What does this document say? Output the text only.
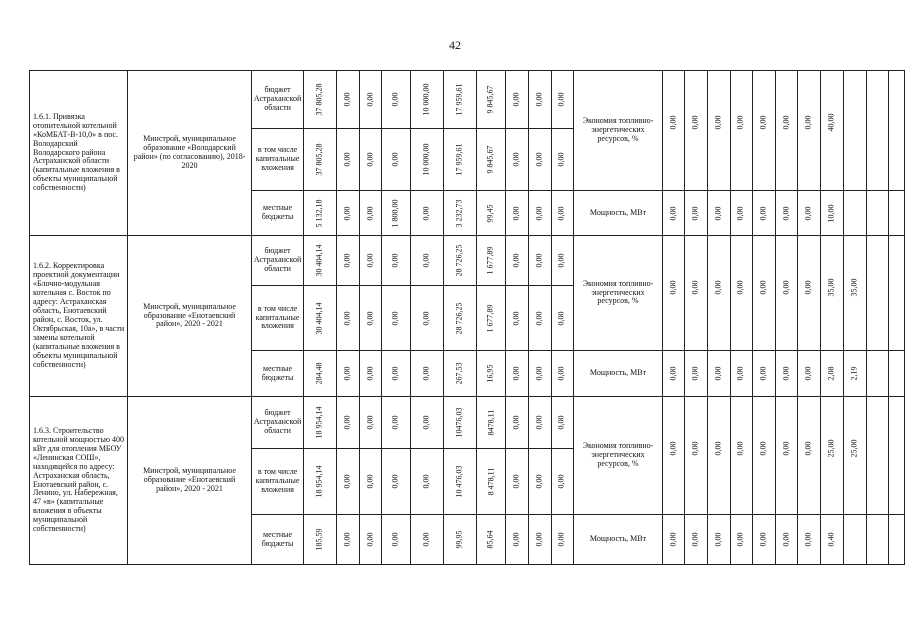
42
1.6.1. Привязка отопительной котельной «КоМБАТ-В-10,0» в пос. Володарский Володарского района Астраханской области (капитальные вложения в объекты муниципальной собственности)	Минстрой, муниципальное образование «Володарский район» (по согласованию), 2018-2020	бюджет Астраханской области	37 805,28	0,00	0,00	0,00	10 000,00	17 959,61	9 845,67	0,00	0,00	0,00	Экономия топливно-энергетических ресурсов, %	0,00	0,00	0,00	0,00	0,00	0,00	0,00	40,00			
		в том числе капитальные вложения	37 805,28	0,00	0,00	0,00	10 000,00	17 959,61	9 845,67	0,00	0,00	0,00												
		местные бюджеты	5 132,18	0,00	0,00	1 800,00	0,00	3 232,73	99,45	0,00	0,00	0,00	Мощность, МВт	0,00	0,00	0,00	0,00	0,00	0,00	0,00	10,00			
1.6.2. Корректировка проектной документации «Блочно-модульная котельная с. Восток по адресу: Астраханская область, Енотаевский район, с. Восток, ул. Октябрьская, 10а», в части замены котельной (капитальные вложения в объекты муниципальной собственности)	Минстрой, муниципальное образование «Енотаевский район», 2020 - 2021	бюджет Астраханской области	30 404,14	0,00	0,00	0,00	0,00	28 726,25	1 677,89	0,00	0,00	0,00	Экономия топливно-энергетических ресурсов, %	0,00	0,00	0,00	0,00	0,00	0,00	0,00	35,00	35,00		
		в том числе капитальные вложения	30 404,14	0,00	0,00	0,00	0,00	28 726,25	1 677,89	0,00	0,00	0,00												
		местные бюджеты	284,48	0,00	0,00	0,00	0,00	267,53	16,95	0,00	0,00	0,00	Мощность, МВт	0,00	0,00	0,00	0,00	0,00	0,00	0,00	2,08	2,19		
1.6.3. Строительство котельной мощностью 400 кВт для отопления МБОУ «Ленинская СОШ», находящейся по адресу: Астраханская область, Енотаевский район, с. Ленино, ул. Набережная, 47 «в» (капитальные вложения в объекты муниципальной собственности)	Минстрой, муниципальное образование «Енотаевский район», 2020 - 2021	бюджет Астраханской области	18 954,14	0,00	0,00	0,00	0,00	10476,03	8478,11	0,00	0,00	0,00	Экономия топливно-энергетических ресурсов, %	0,00	0,00	0,00	0,00	0,00	0,00	0,00	25,00	25,00		
		в том числе капитальные вложения	18 954,14	0,00	0,00	0,00	0,00	10 476,03	8 478,11	0,00	0,00	0,00												
		местные бюджеты	185,59	0,00	0,00	0,00	0,00	99,95	85,64	0,00	0,00	0,00	Мощность, МВт	0,00	0,00	0,00	0,00	0,00	0,00	0,00	0,40			
